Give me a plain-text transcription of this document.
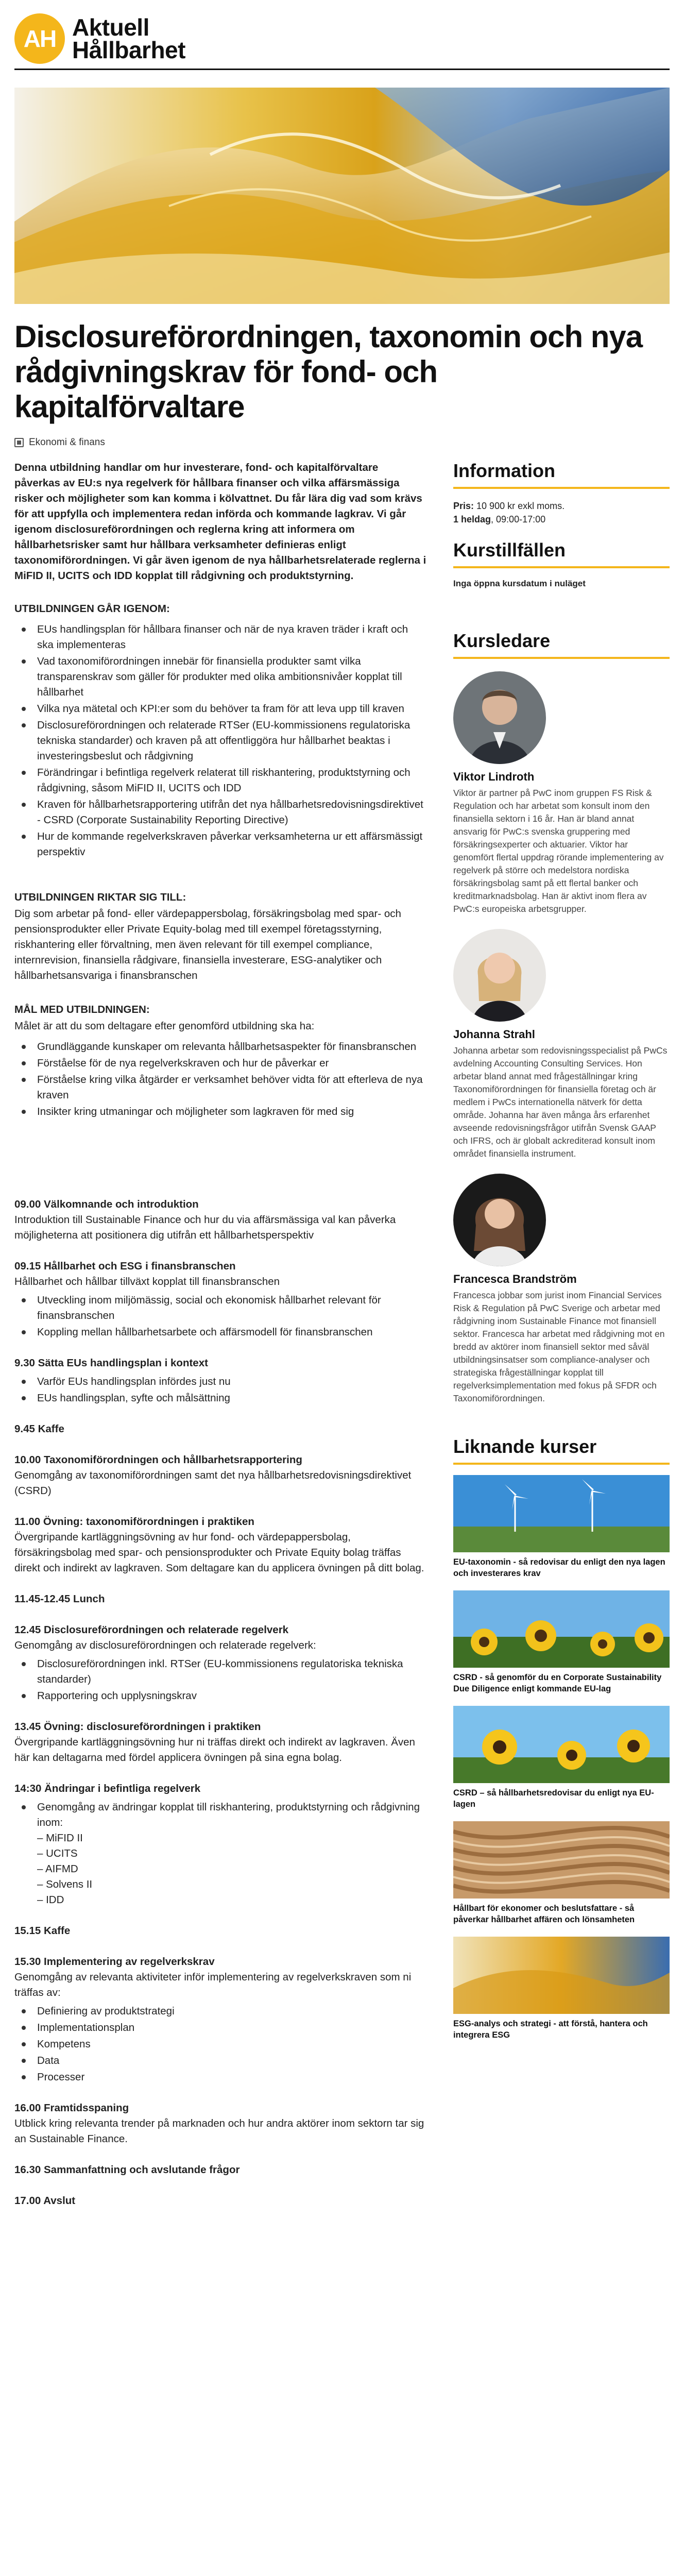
AH Aktuell
Hållbarhet
Disclosureförordningen, taxonomin och nya rådgivningskrav för fond- och kapitalförvaltare
Ekonomi & finans

Denna utbildning handlar om hur investerare, fond- och kapitalförvaltare påverkas av EU:s nya regelverk för hållbara finanser och vilka affärsmässiga risker och möjligheter som kan komma i kölvattnet. Du får lära dig vad som krävs för att uppfylla och implementera redan införda och kommande lagkrav. Vi går igenom disclosureförordningen och reglerna kring att informera om hållbarhetsrisker samt hur hållbara verksamheter definieras enligt taxonomiförordningen. Vi går även igenom de nya hållbarhetsrelaterade reglerna i MiFID II, UCITS och IDD kopplat till rådgivning och produktstyrning.

UTBILDNINGEN GÅR IGENOM:
EUs handlingsplan för hållbara finanser och när de nya kraven träder i kraft och ska implementeras
Vad taxonomiförordningen innebär för finansiella produkter samt vilka transparenskrav som gäller för produkter med olika ambitionsnivåer kopplat till hållbarhet
Vilka nya mätetal och KPI:er som du behöver ta fram för att leva upp till kraven
Disclosureförordningen och relaterade RTSer (EU-kommissionens regulatoriska tekniska standarder) och kraven på att offentliggöra hur hållbarhet beaktas i investeringsbeslut och rådgivning
Förändringar i befintliga regelverk relaterat till riskhantering, produktstyrning och rådgivning, såsom MiFID II, UCITS och IDD
Kraven för hållbarhetsrapportering utifrån det nya hållbarhetsredovisningsdirektivet - CSRD (Corporate Sustainability Reporting Directive)
Hur de kommande regelverkskraven påverkar verksamheterna ur ett affärsmässigt perspektiv
UTBILDNINGEN RIKTAR SIG TILL:

Dig som arbetar på fond- eller värdepappersbolag, försäkringsbolag med spar- och pensionsprodukter eller Private Equity-bolag med till exempel företagsstyrning, riskhantering eller förvaltning, men även relevant för till exempel compliance, internrevision, finansiella rådgivare, finansiella investerare, ESG-analytiker och hållbarhetsansvariga i finansbranschen

MÅL MED UTBILDNINGEN:

Målet är att du som deltagare efter genomförd utbildning ska ha:

Grundläggande kunskaper om relevanta hållbarhetsaspekter för finansbranschen
Förståelse för de nya regelverkskraven och hur de påverkar er
Förståelse kring vilka åtgärder er verksamhet behöver vidta för att efterleva de nya kraven
Insikter kring utmaningar och möjligheter som lagkraven för med sig
09.00 Välkomnande och introduktion
Introduktion till Sustainable Finance och hur du via affärsmässiga val kan påverka möjligheterna att positionera dig utifrån ett hållbarhetsperspektiv
09.15 Hållbarhet och ESG i finansbranschen
Hållbarhet och hållbar tillväxt kopplat till finansbranschen
Utveckling inom miljömässig, social och ekonomisk hållbarhet relevant för finansbranschen
Koppling mellan hållbarhetsarbete och affärsmodell för finansbranschen
9.30 Sätta EUs handlingsplan i kontext
Varför EUs handlingsplan infördes just nu
EUs handlingsplan, syfte och målsättning
9.45 Kaffe
10.00 Taxonomiförordningen och hållbarhetsrapportering
Genomgång av taxonomiförordningen samt det nya hållbarhetsredovisningsdirektivet (CSRD)
11.00 Övning: taxonomiförordningen i praktiken
Övergripande kartläggningsövning av hur fond- och värdepappersbolag, försäkringsbolag med spar- och pensionsprodukter och Private Equity bolag träffas direkt och indirekt av lagkraven. Som deltagare kan du applicera övningen på ditt bolag.
11.45-12.45 Lunch
12.45 Disclosureförordningen och relaterade regelverk
Genomgång av disclosureförordningen och relaterade regelverk:
Disclosureförordningen inkl. RTSer (EU-kommissionens regulatoriska tekniska standarder)
Rapportering och upplysningskrav
13.45 Övning: disclosureförordningen i praktiken
Övergripande kartläggningsövning hur ni träffas direkt och indirekt av lagkraven. Även här kan deltagarna med fördel applicera övningen på sina egna bolag.
14:30 Ändringar i befintliga regelverk
Genomgång av ändringar kopplat till riskhantering, produktstyrning och rådgivning inom:
– MiFID II
– UCITS
– AIFMD
– Solvens II
– IDD
15.15 Kaffe
15.30 Implementering av regelverkskrav
Genomgång av relevanta aktiviteter inför implementering av regelverkskraven som ni träffas av:
Definiering av produktstrategi
Implementationsplan
Kompetens
Data
Processer
16.00 Framtidsspaning
Utblick kring relevanta trender på marknaden och hur andra aktörer inom sektorn tar sig an Sustainable Finance.
16.30 Sammanfattning och avslutande frågor
17.00 Avslut
Information
Pris: 10 900 kr exkl moms.
1 heldag, 09:00-17:00
Kurstillfällen
Inga öppna kursdatum i nuläget
Kursledare
Viktor Lindroth
Viktor är partner på PwC inom gruppen FS Risk & Regulation och har arbetat som konsult inom den finansiella sektorn i 16 år. Han är bland annat ansvarig för PwC:s svenska gruppering med försäkringsexperter och aktuarier. Viktor har genomfört flertal uppdrag rörande implementering av regelverk på större och medelstora nordiska försäkringsbolag samt på ett flertal banker och kreditmarknadsbolag. Han är aktivt inom flera av PwC:s europeiska arbetsgrupper.
Johanna Strahl
Johanna arbetar som redovisningsspecialist på PwCs avdelning Accounting Consulting Services. Hon arbetar bland annat med frågeställningar kring Taxonomiförordningen för finansiella företag och är medlem i PwCs internationella nätverk för detta område. Johanna har även många års erfarenhet avseende redovisningsfrågor utifrån Svensk GAAP och IFRS, och är globalt ackrediterad konsult inom området finansiella instrument.
Francesca Brandström
Francesca jobbar som jurist inom Financial Services Risk & Regulation på PwC Sverige och arbetar med rådgivning inom Sustainable Finance mot finansiell sektor. Francesca har arbetat med rådgivning mot en bredd av aktörer inom finansiell sektor med såväl utbildningsinsatser som compliance-analyser och strategiska frågeställningar kopplat till regelverksimplementation med fokus på SFDR och Taxonomiförordningen.
Liknande kurser
EU-taxonomin - så redovisar du enligt den nya lagen och investerares krav
CSRD - så genomför du en Corporate Sustainability Due Diligence enligt kommande EU-lag
CSRD – så hållbarhetsredovisar du enligt nya EU-lagen
Hållbart för ekonomer och beslutsfattare - så påverkar hållbarhet affären och lönsamheten
ESG-analys och strategi - att förstå, hantera och integrera ESG
